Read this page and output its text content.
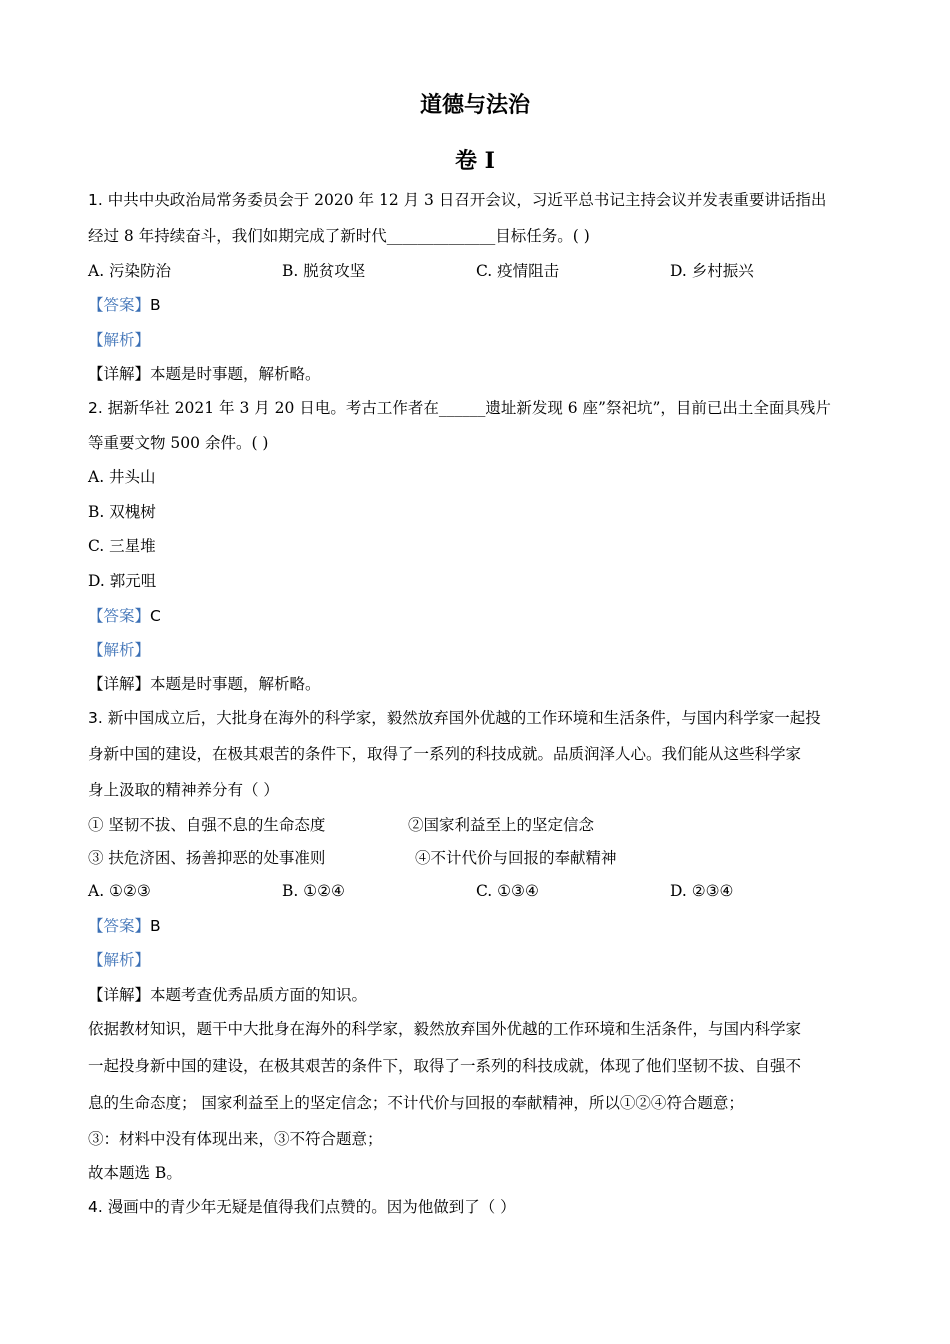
道德与法治
卷 I
1. 中共中央政治局常务委员会于 2020 年 12 月 3 日召开会议，习近平总书记主持会议并发表重要讲话指出
经过 8 年持续奋斗，我们如期完成了新时代______________目标任务。( )
A. 污染防治	B. 脱贫攻坚	C. 疫情阻击	D. 乡村振兴
【答案】B
【解析】
【详解】本题是时事题，解析略。
2. 据新华社 2021 年 3 月 20 日电。考古工作者在______遗址新发现 6 座”祭祀坑”，目前已出土全面具残片
等重要文物 500 余件。( )
A. 井头山
B. 双槐树
C. 三星堆
D. 郭元咀
【答案】C
【解析】
【详解】本题是时事题，解析略。
3. 新中国成立后，大批身在海外的科学家，毅然放弃国外优越的工作环境和生活条件，与国内科学家一起投
身新中国的建设，在极其艰苦的条件下，取得了一系列的科技成就。品质润泽人心。我们能从这些科学家
身上汲取的精神养分有（ ）
① 坚韧不拔、自强不息的生命态度	②国家利益至上的坚定信念
③ 扶危济困、扬善抑恶的处事准则	④不计代价与回报的奉献精神
A. ①②③	B. ①②④	C. ①③④	D. ②③④
【答案】B
【解析】
【详解】本题考查优秀品质方面的知识。
依据教材知识，题干中大批身在海外的科学家，毅然放弃国外优越的工作环境和生活条件，与国内科学家
一起投身新中国的建设，在极其艰苦的条件下，取得了一系列的科技成就，体现了他们坚韧不拔、自强不
息的生命态度； 国家利益至上的坚定信念；不计代价与回报的奉献精神，所以①②④符合题意；
③：材料中没有体现出来，③不符合题意；
故本题选 B。
4. 漫画中的青少年无疑是值得我们点赞的。因为他做到了（ ）
